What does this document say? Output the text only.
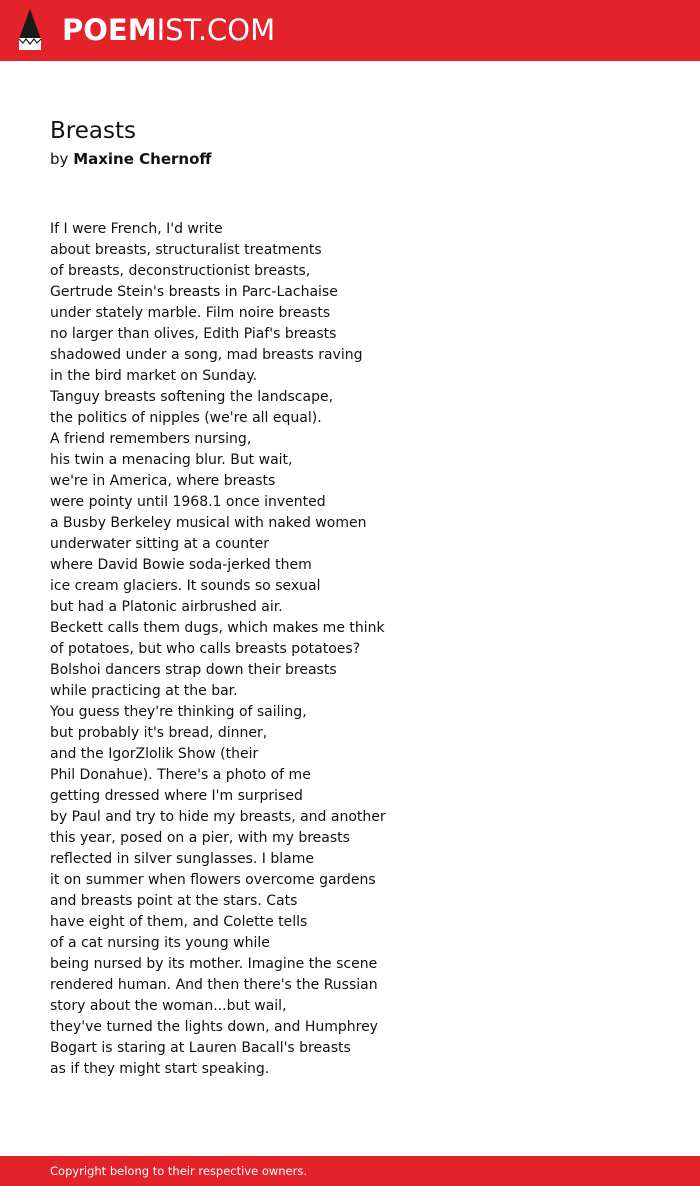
POEMIST.COM
Breasts
by Maxine Chernoff
If I were French, I'd write
about breasts, structuralist treatments
of breasts, deconstructionist breasts,
Gertrude Stein's breasts in Parc-Lachaise
under stately marble. Film noire breasts
no larger than olives, Edith Piaf's breasts
shadowed under a song, mad breasts raving
in the bird market on Sunday.
Tanguy breasts softening the landscape,
the politics of nipples (we're all equal).
A friend remembers nursing,
his twin a menacing blur. But wait,
we're in America, where breasts
were pointy until 1968.1 once invented
a Busby Berkeley musical with naked women
underwater sitting at a counter
where David Bowie soda-jerked them
ice cream glaciers. It sounds so sexual
but had a Platonic airbrushed air.
Beckett calls them dugs, which makes me think
of potatoes, but who calls breasts potatoes?
Bolshoi dancers strap down their breasts
while practicing at the bar.
You guess they're thinking of sailing,
but probably it's bread, dinner,
and the IgorZlolik Show (their
Phil Donahue). There's a photo of me
getting dressed where I'm surprised
by Paul and try to hide my breasts, and another
this year, posed on a pier, with my breasts
reflected in silver sunglasses. I blame
it on summer when flowers overcome gardens
and breasts point at the stars. Cats
have eight of them, and Colette tells
of a cat nursing its young while
being nursed by its mother. Imagine the scene
rendered human. And then there's the Russian
story about the woman...but wail,
they've turned the lights down, and Humphrey
Bogart is staring at Lauren Bacall's breasts
as if they might start speaking.
Copyright belong to their respective owners.
